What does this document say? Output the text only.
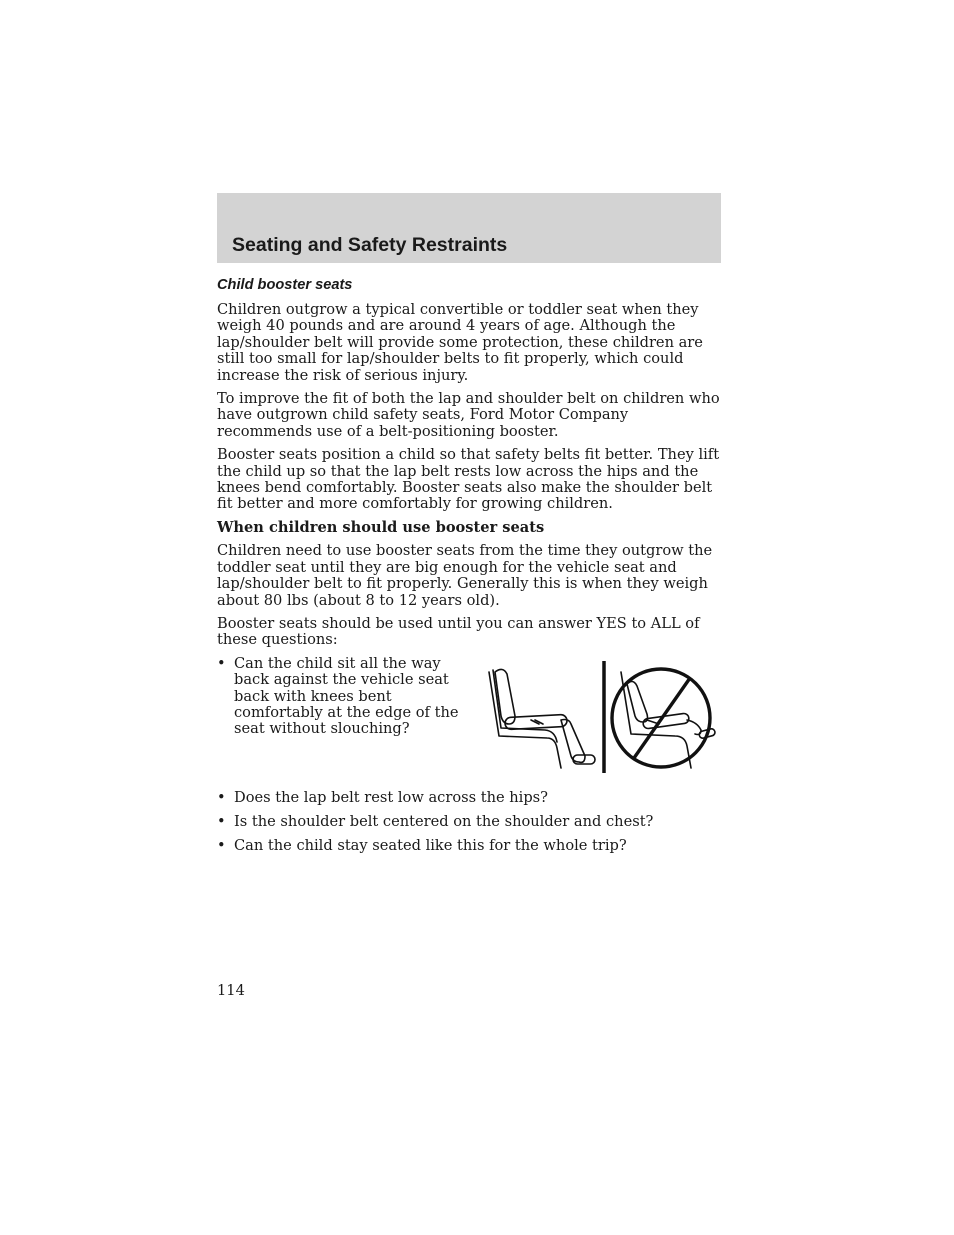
Seating and Safety Restraints
Child booster seats

Children outgrow a typical convertible or toddler seat when they weigh 40 pounds and are around 4 years of age. Although the lap/shoulder belt will provide some protection, these children are still too small for lap/shoulder belts to fit properly, which could increase the risk of serious injury.

To improve the fit of both the lap and shoulder belt on children who have outgrown child safety seats, Ford Motor Company recommends use of a belt-positioning booster.

Booster seats position a child so that safety belts fit better. They lift the child up so that the lap belt rests low across the hips and the knees bend comfortably. Booster seats also make the shoulder belt fit better and more comfortably for growing children.

When children should use booster seats

Children need to use booster seats from the time they outgrow the toddler seat until they are big enough for the vehicle seat and lap/shoulder belt to fit properly. Generally this is when they weigh about 80 lbs (about 8 to 12 years old).

Booster seats should be used until you can answer YES to ALL of these questions:

• Can the child sit all the way back against the vehicle seat back with knees bent comfortably at the edge of the seat without slouching?
• Does the lap belt rest low across the hips?
• Is the shoulder belt centered on the shoulder and chest?
• Can the child stay seated like this for the whole trip?
114
